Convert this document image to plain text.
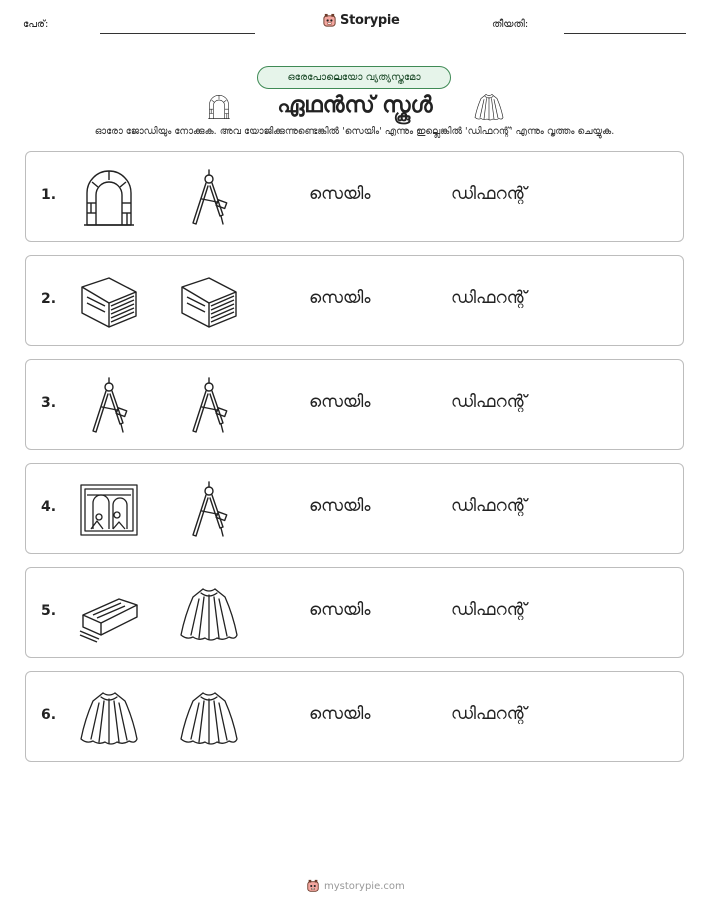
പേര്:	Storypie	തീയതി:
ഒരേപോലെയോ വ്യത്യസ്തമോ
ഏഥൻസ് സ്കൂൾ
ഓരോ ജോഡിയും നോക്കുക. അവ യോജിക്കുന്നുണ്ടെങ്കിൽ 'സെയിം' എന്നും ഇല്ലെങ്കിൽ 'ഡിഫറന്റ്' എന്നും വൃത്തം ചെയ്യുക.
1.	സെയിം	ഡിഫറന്റ്
2.	സെയിം	ഡിഫറന്റ്
3.	സെയിം	ഡിഫറന്റ്
4.	സെയിം	ഡിഫറന്റ്
5.	സെയിം	ഡിഫറന്റ്
6.	സെയിം	ഡിഫറന്റ്
mystorypie.com
